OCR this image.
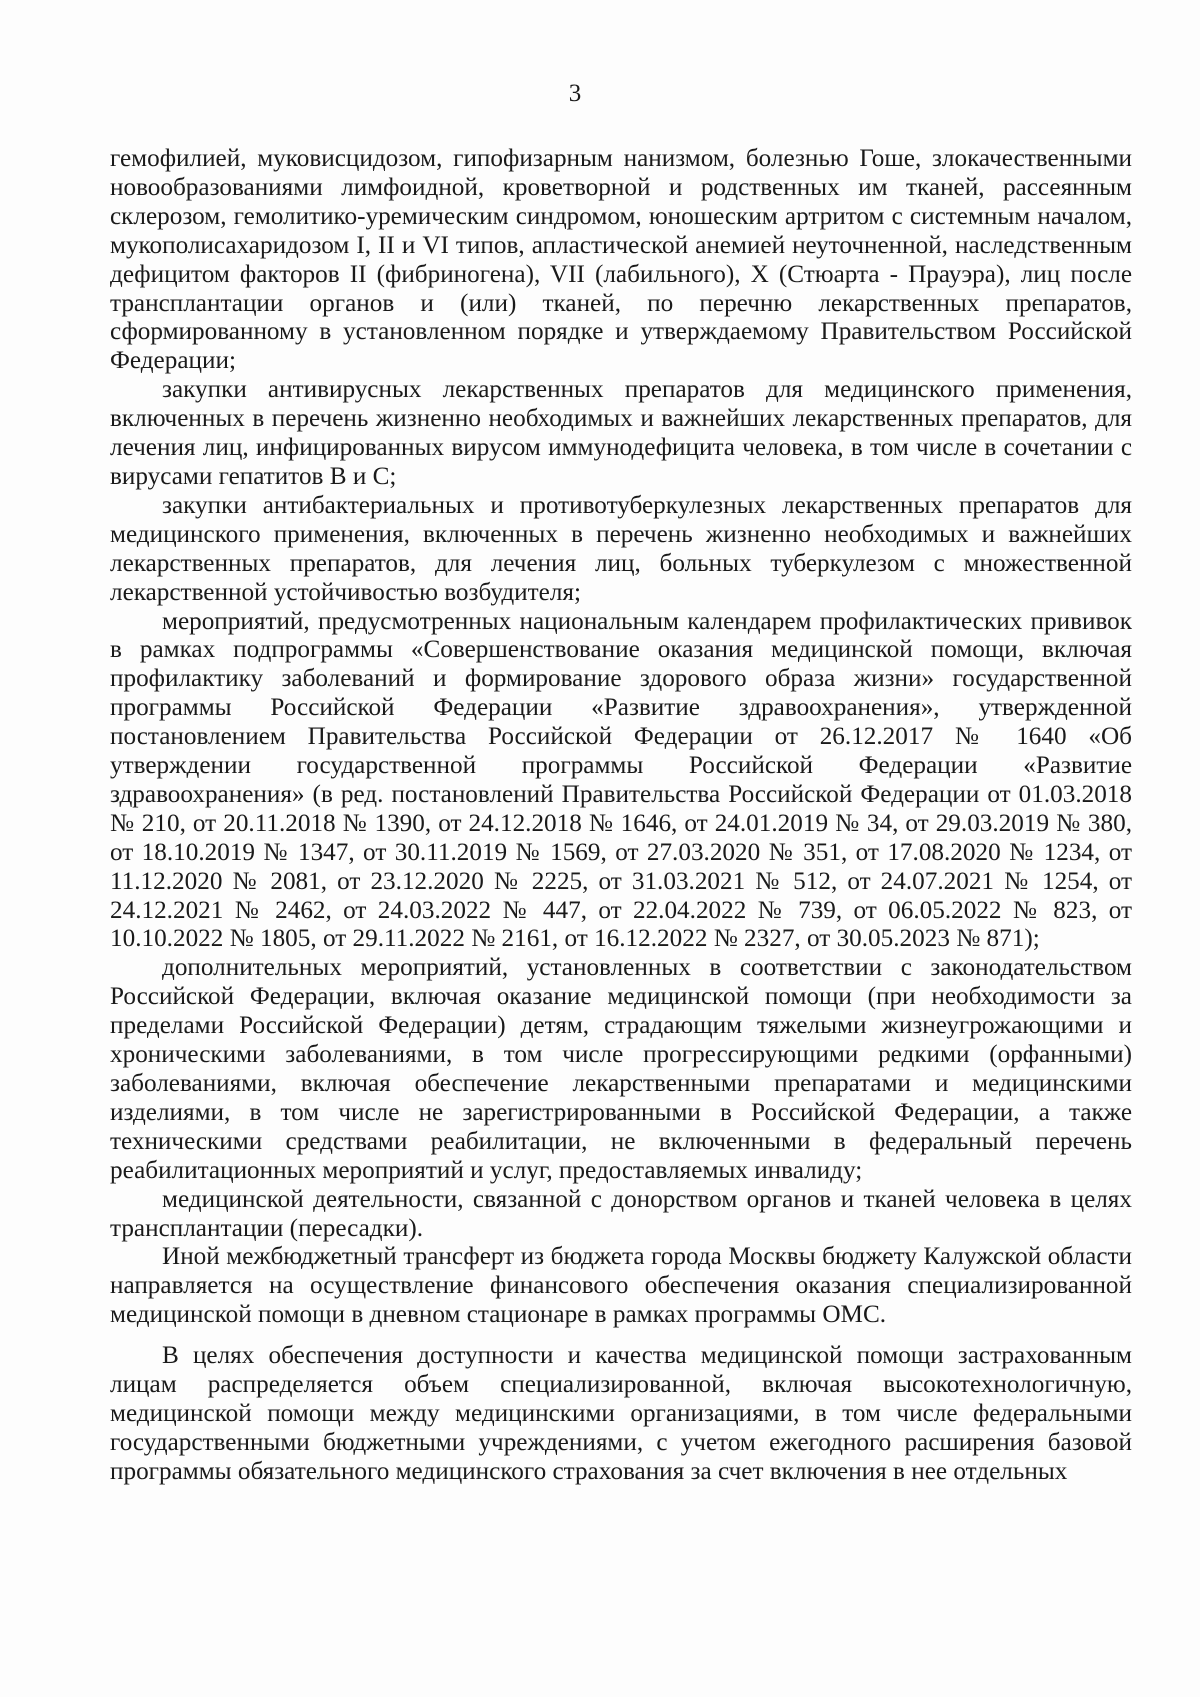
3

гемофилией, муковисцидозом, гипофизарным нанизмом, болезнью Гоше, злокачественными новообразованиями лимфоидной, кроветворной и родственных им тканей, рассеянным склерозом, гемолитико-уремическим синдромом, юношеским артритом с системным началом, мукополисахаридозом I, II и VI типов, апластической анемией неуточненной, наследственным дефицитом факторов II (фибриногена), VII (лабильного), X (Стюарта - Прауэра), лиц после трансплантации органов и (или) тканей, по перечню лекарственных препаратов, сформированному в установленном порядке и утверждаемому Правительством Российской Федерации;

закупки антивирусных лекарственных препаратов для медицинского применения, включенных в перечень жизненно необходимых и важнейших лекарственных препаратов, для лечения лиц, инфицированных вирусом иммунодефицита человека, в том числе в сочетании с вирусами гепатитов B и C;

закупки антибактериальных и противотуберкулезных лекарственных препаратов для медицинского применения, включенных в перечень жизненно необходимых и важнейших лекарственных препаратов, для лечения лиц, больных туберкулезом с множественной лекарственной устойчивостью возбудителя;

мероприятий, предусмотренных национальным календарем профилактических прививок в рамках подпрограммы «Совершенствование оказания медицинской помощи, включая профилактику заболеваний и формирование здорового образа жизни» государственной программы Российской Федерации «Развитие здравоохранения», утвержденной постановлением Правительства Российской Федерации от 26.12.2017 № 1640 «Об утверждении государственной программы Российской Федерации «Развитие здравоохранения» (в ред. постановлений Правительства Российской Федерации от 01.03.2018 № 210, от 20.11.2018 № 1390, от 24.12.2018 № 1646, от 24.01.2019 № 34, от 29.03.2019 № 380, от 18.10.2019 № 1347, от 30.11.2019 № 1569, от 27.03.2020 № 351, от 17.08.2020 № 1234, от 11.12.2020 № 2081, от 23.12.2020 № 2225, от 31.03.2021 № 512, от 24.07.2021 № 1254, от 24.12.2021 № 2462, от 24.03.2022 № 447, от 22.04.2022 № 739, от 06.05.2022 № 823, от 10.10.2022 № 1805, от 29.11.2022 № 2161, от 16.12.2022 № 2327, от 30.05.2023 № 871);

дополнительных мероприятий, установленных в соответствии с законодательством Российской Федерации, включая оказание медицинской помощи (при необходимости за пределами Российской Федерации) детям, страдающим тяжелыми жизнеугрожающими и хроническими заболеваниями, в том числе прогрессирующими редкими (орфанными) заболеваниями, включая обеспечение лекарственными препаратами и медицинскими изделиями, в том числе не зарегистрированными в Российской Федерации, а также техническими средствами реабилитации, не включенными в федеральный перечень реабилитационных мероприятий и услуг, предоставляемых инвалиду;

медицинской деятельности, связанной с донорством органов и тканей человека в целях трансплантации (пересадки).

Иной межбюджетный трансферт из бюджета города Москвы бюджету Калужской области направляется на осуществление финансового обеспечения оказания специализированной медицинской помощи в дневном стационаре в рамках программы ОМС.

В целях обеспечения доступности и качества медицинской помощи застрахованным лицам распределяется объем специализированной, включая высокотехнологичную, медицинской помощи между медицинскими организациями, в том числе федеральными государственными бюджетными учреждениями, с учетом ежегодного расширения базовой программы обязательного медицинского страхования за счет включения в нее отдельных
